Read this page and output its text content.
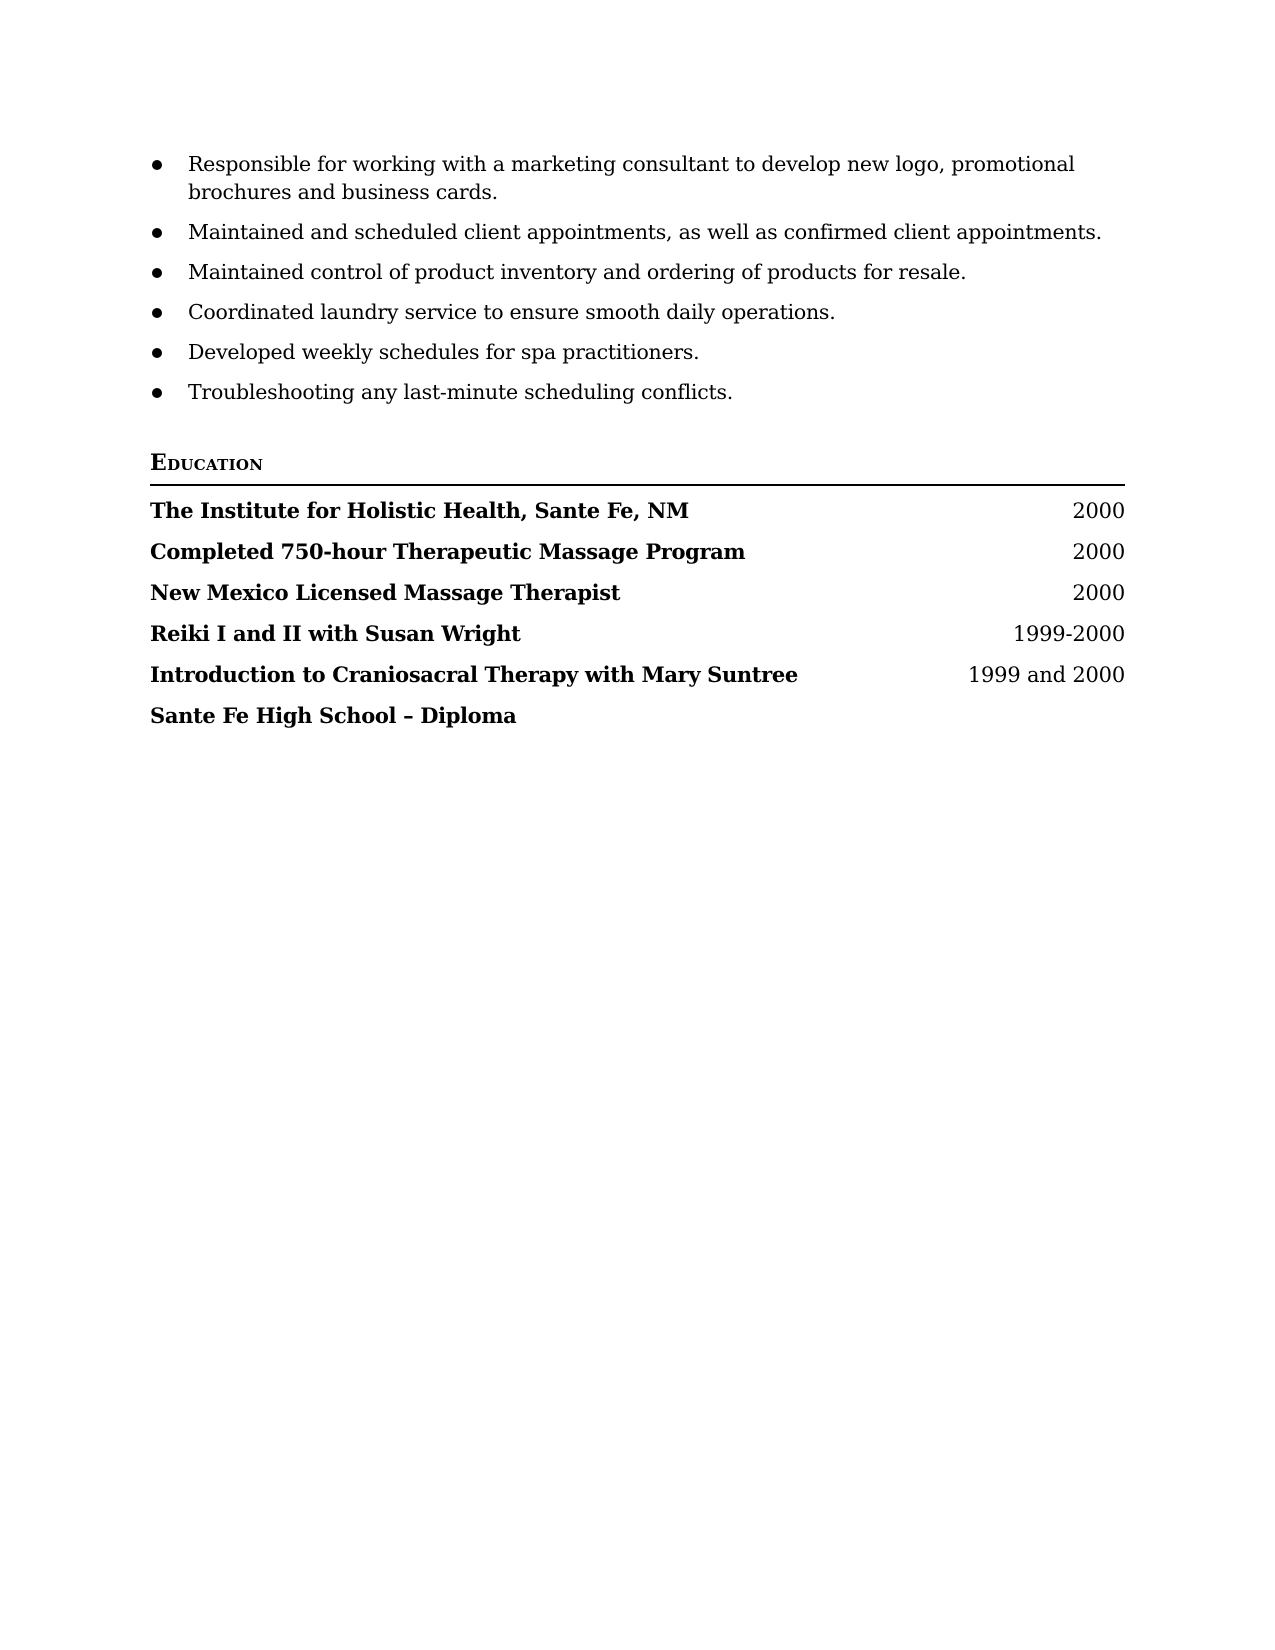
Responsible for working with a marketing consultant to develop new logo, promotional brochures and business cards.
Maintained and scheduled client appointments, as well as confirmed client appointments.
Maintained control of product inventory and ordering of products for resale.
Coordinated laundry service to ensure smooth daily operations.
Developed weekly schedules for spa practitioners.
Troubleshooting any last-minute scheduling conflicts.
Education
The Institute for Holistic Health, Sante Fe, NM	2000
Completed 750-hour Therapeutic Massage Program	2000
New Mexico Licensed Massage Therapist	2000
Reiki I and II with Susan Wright	1999-2000
Introduction to Craniosacral Therapy with Mary Suntree	1999 and 2000
Sante Fe High School – Diploma
